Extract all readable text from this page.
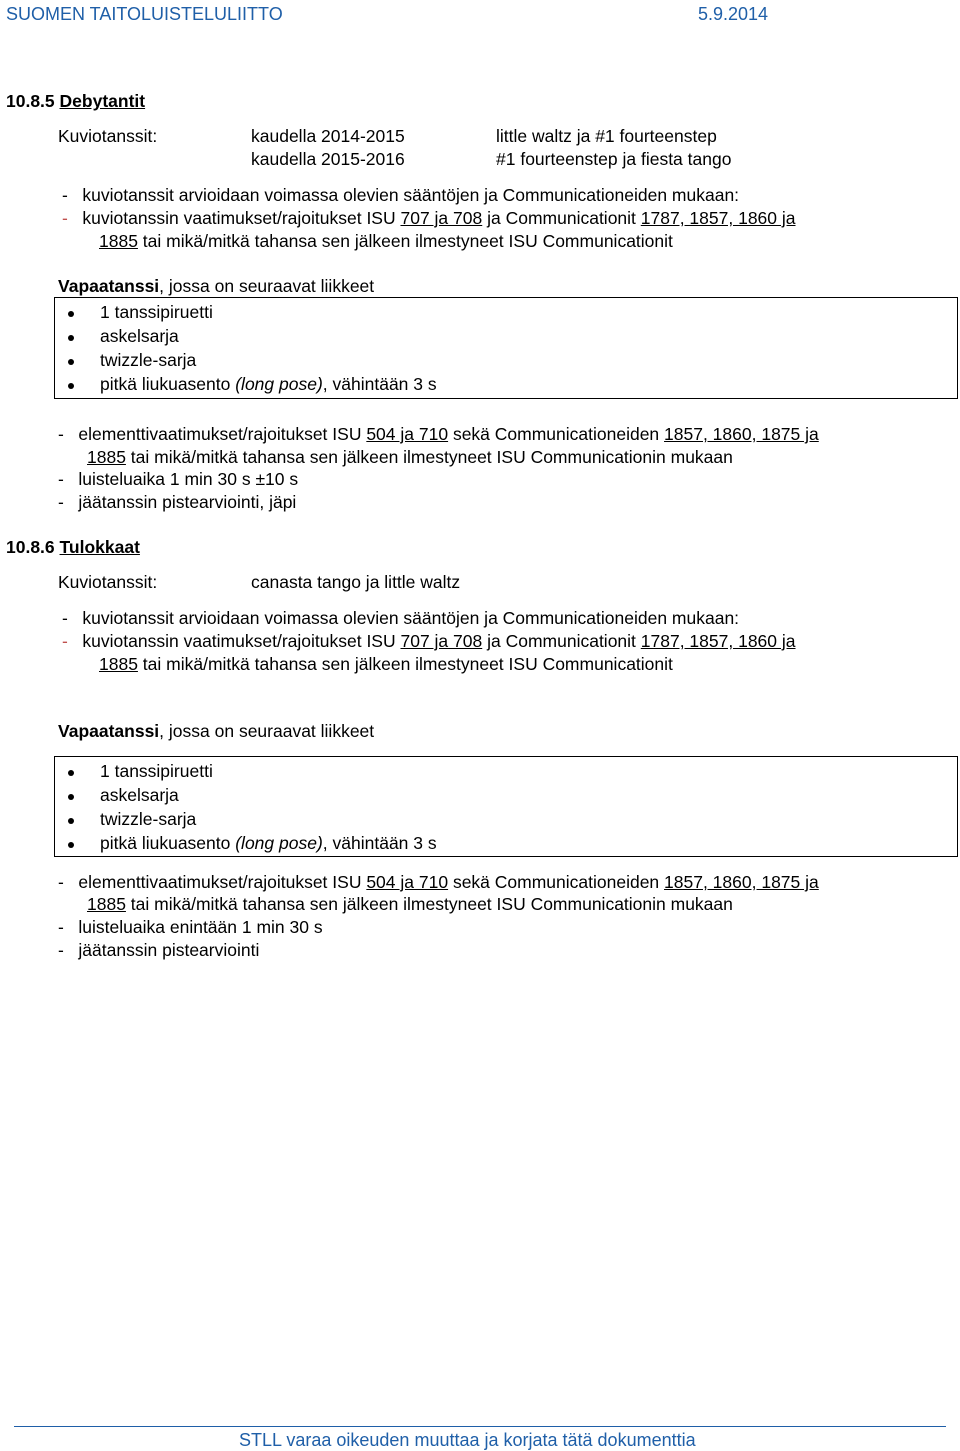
SUOMEN TAITOLUISTELULIITTO	5.9.2014
10.8.5 Debytantit
Kuviotanssit:	kaudella 2014-2015	little waltz ja #1 fourteenstep
kaudella 2015-2016	#1 fourteenstep ja fiesta tango
-   kuviotanssit arvioidaan voimassa olevien sääntöjen ja Communicationeiden mukaan:
- kuviotanssin vaatimukset/rajoitukset ISU 707 ja 708 ja Communicationit 1787, 1857, 1860 ja
1885 tai mikä/mitkä tahansa sen jälkeen ilmestyneet ISU Communicationit
Vapaatanssi, jossa on seuraavat liikkeet
1 tanssipiruetti
askelsarja
twizzle-sarja
pitkä liukuasento (long pose), vähintään 3 s
-   elementtivaatimukset/rajoitukset ISU 504 ja 710 sekä Communicationeiden 1857, 1860, 1875 ja
1885 tai mikä/mitkä tahansa sen jälkeen ilmestyneet ISU Communicationin mukaan
-   luisteluaika 1 min 30 s ±10 s
-   jäätanssin pistearviointi, jäpi
10.8.6 Tulokkaat
Kuviotanssit:	canasta tango ja little waltz
-   kuviotanssit arvioidaan voimassa olevien sääntöjen ja Communicationeiden mukaan:
- kuviotanssin vaatimukset/rajoitukset ISU 707 ja 708 ja Communicationit 1787, 1857, 1860 ja
1885 tai mikä/mitkä tahansa sen jälkeen ilmestyneet ISU Communicationit
Vapaatanssi, jossa on seuraavat liikkeet
1 tanssipiruetti
askelsarja
twizzle-sarja
pitkä liukuasento (long pose), vähintään 3 s
-   elementtivaatimukset/rajoitukset ISU 504 ja 710 sekä Communicationeiden 1857, 1860, 1875 ja
1885 tai mikä/mitkä tahansa sen jälkeen ilmestyneet ISU Communicationin mukaan
-   luisteluaika enintään 1 min 30 s
-   jäätanssin pistearviointi
STLL varaa oikeuden muuttaa ja korjata tätä dokumenttia
